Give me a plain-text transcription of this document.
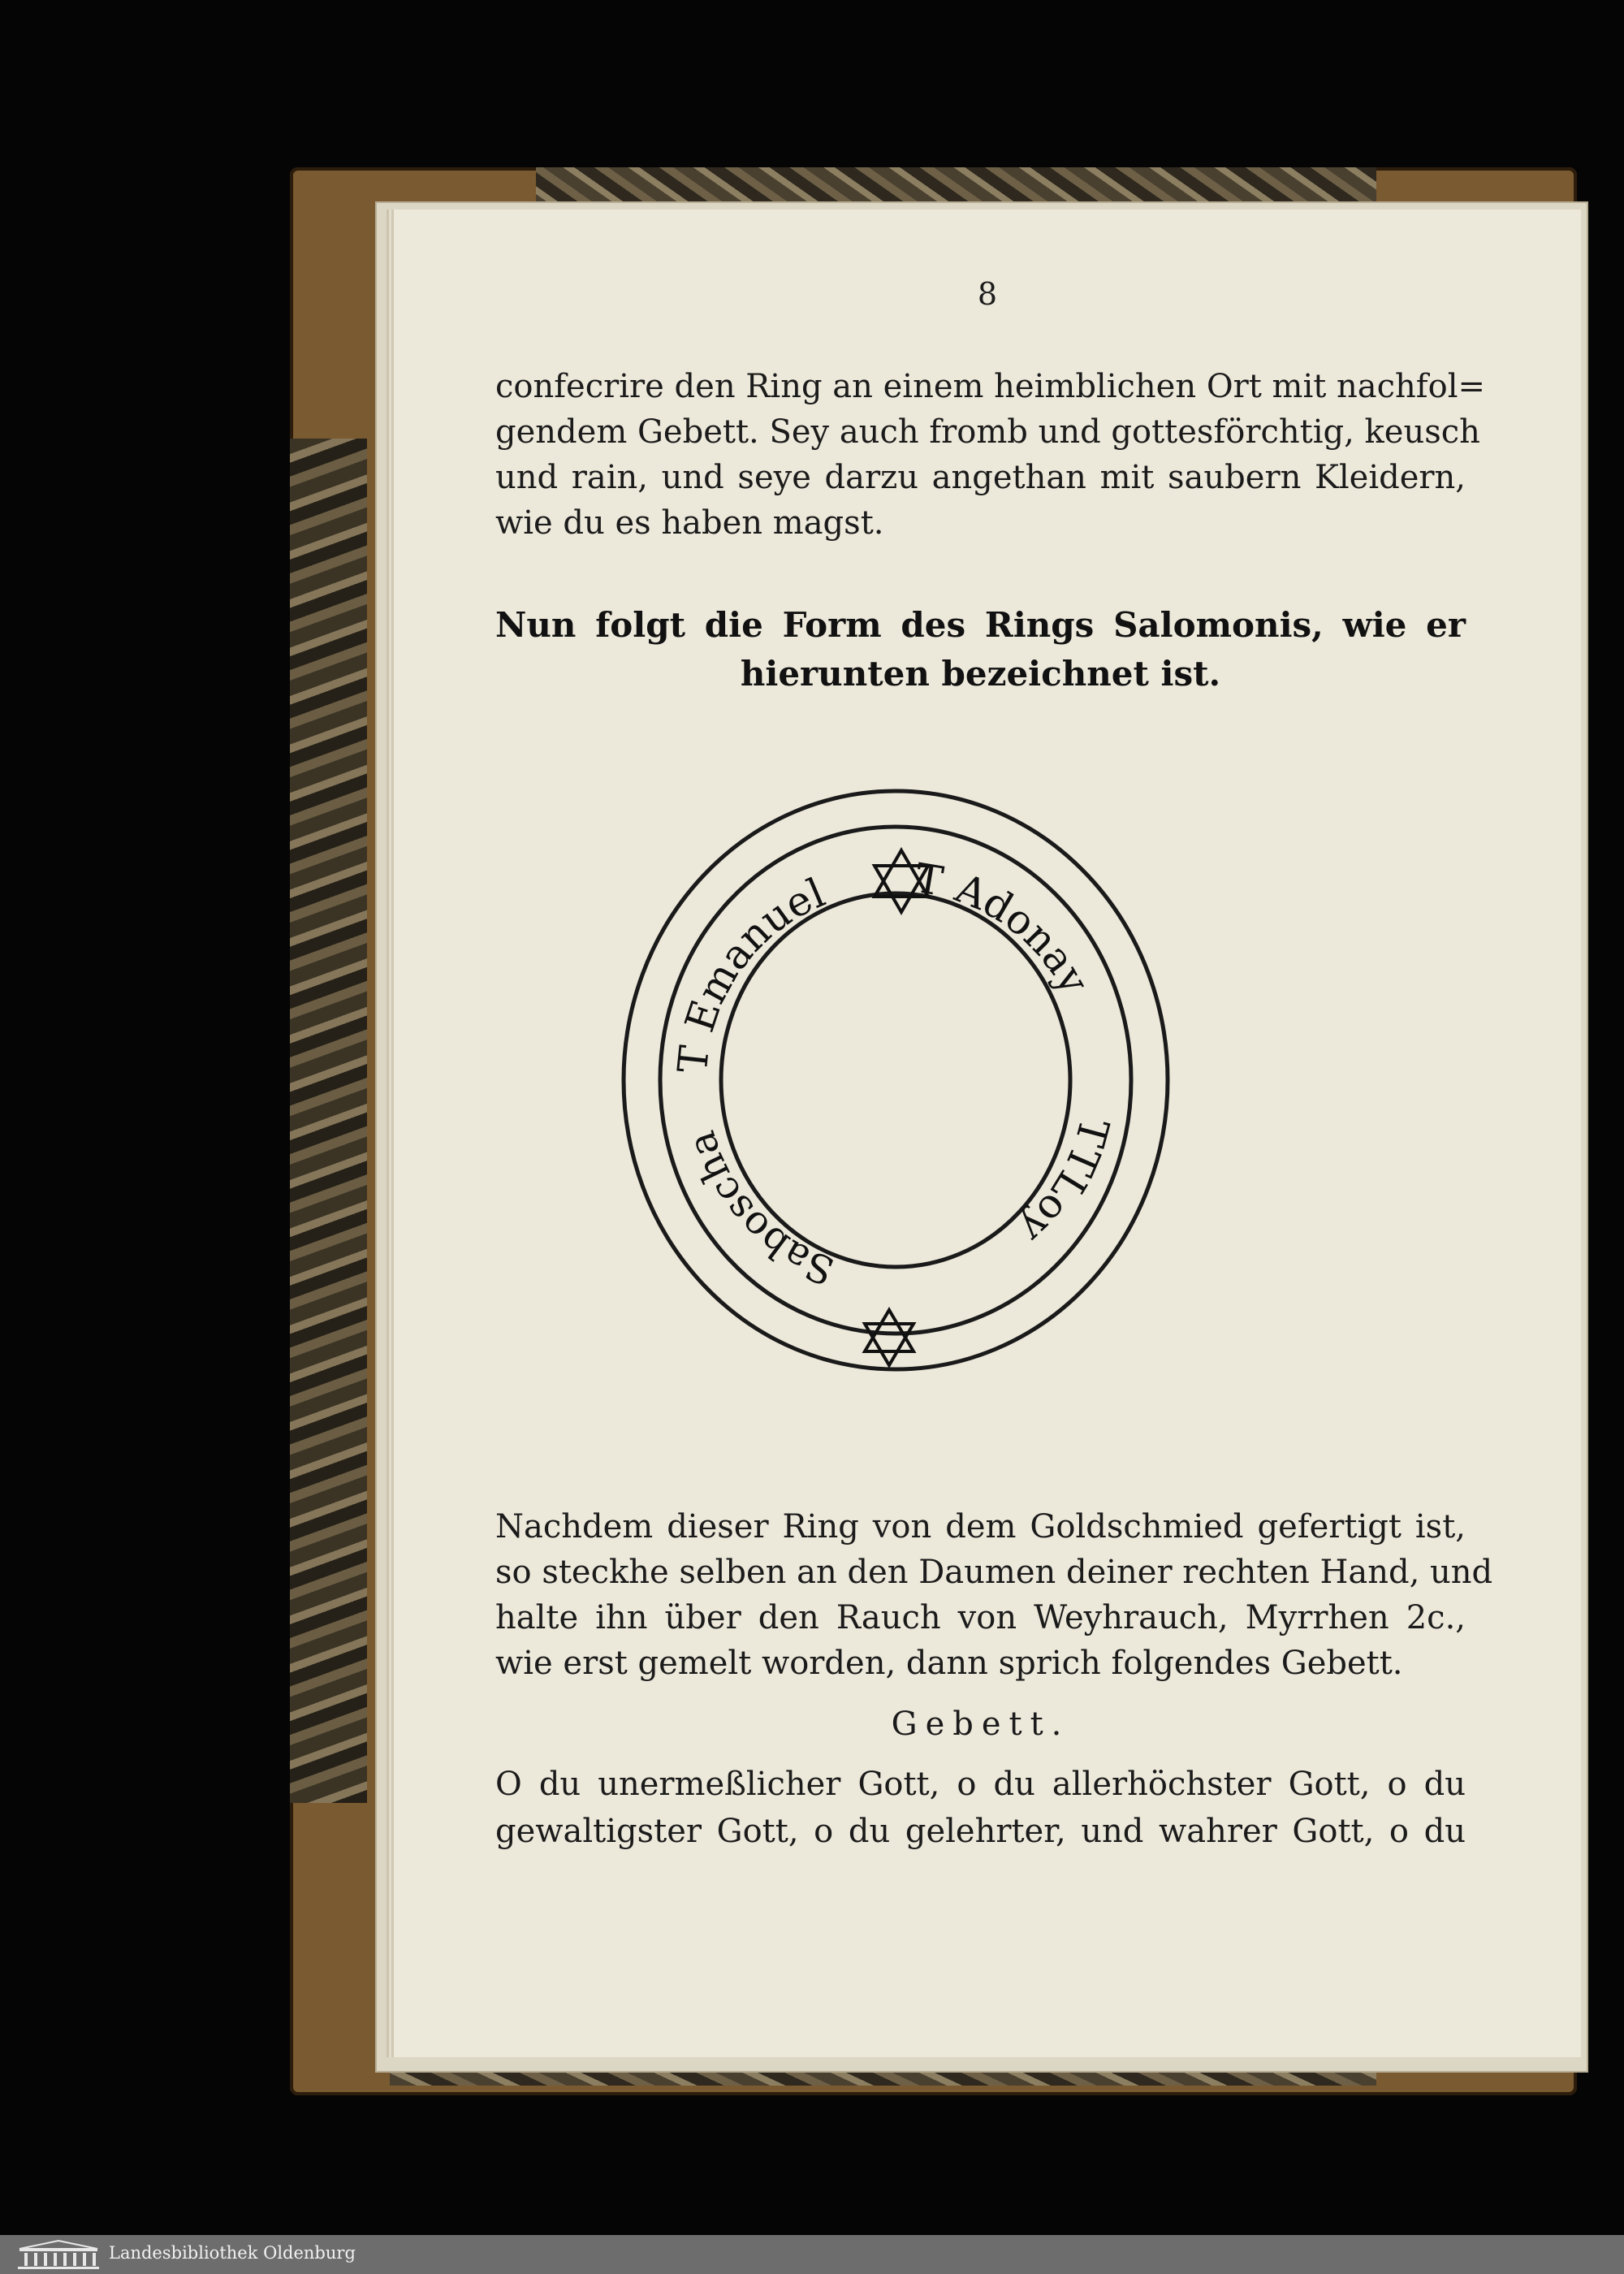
8
confecrire den Ring an einem heimblichen Ort mit nachfol=
gendem Gebett. Sey auch fromb und gottesförchtig, keusch
und rain, und seye darzu angethan mit saubern Kleidern,
wie du es haben magst.
Nun folgt die Form des Rings Salomonis, wie er
hierunten bezeichnet ist.
T Emanuel T Adonay
TTLoy
Saboscha
Nachdem dieser Ring von dem Goldschmied gefertigt ist,
so steckhe selben an den Daumen deiner rechten Hand, und
halte ihn über den Rauch von Weyhrauch, Myrrhen 2c.,
wie erst gemelt worden, dann sprich folgendes Gebett.
Gebett.
O du unermeßlicher Gott, o du allerhöchster Gott, o du
gewaltigster Gott, o du gelehrter, und wahrer Gott, o du
Landesbibliothek Oldenburg
